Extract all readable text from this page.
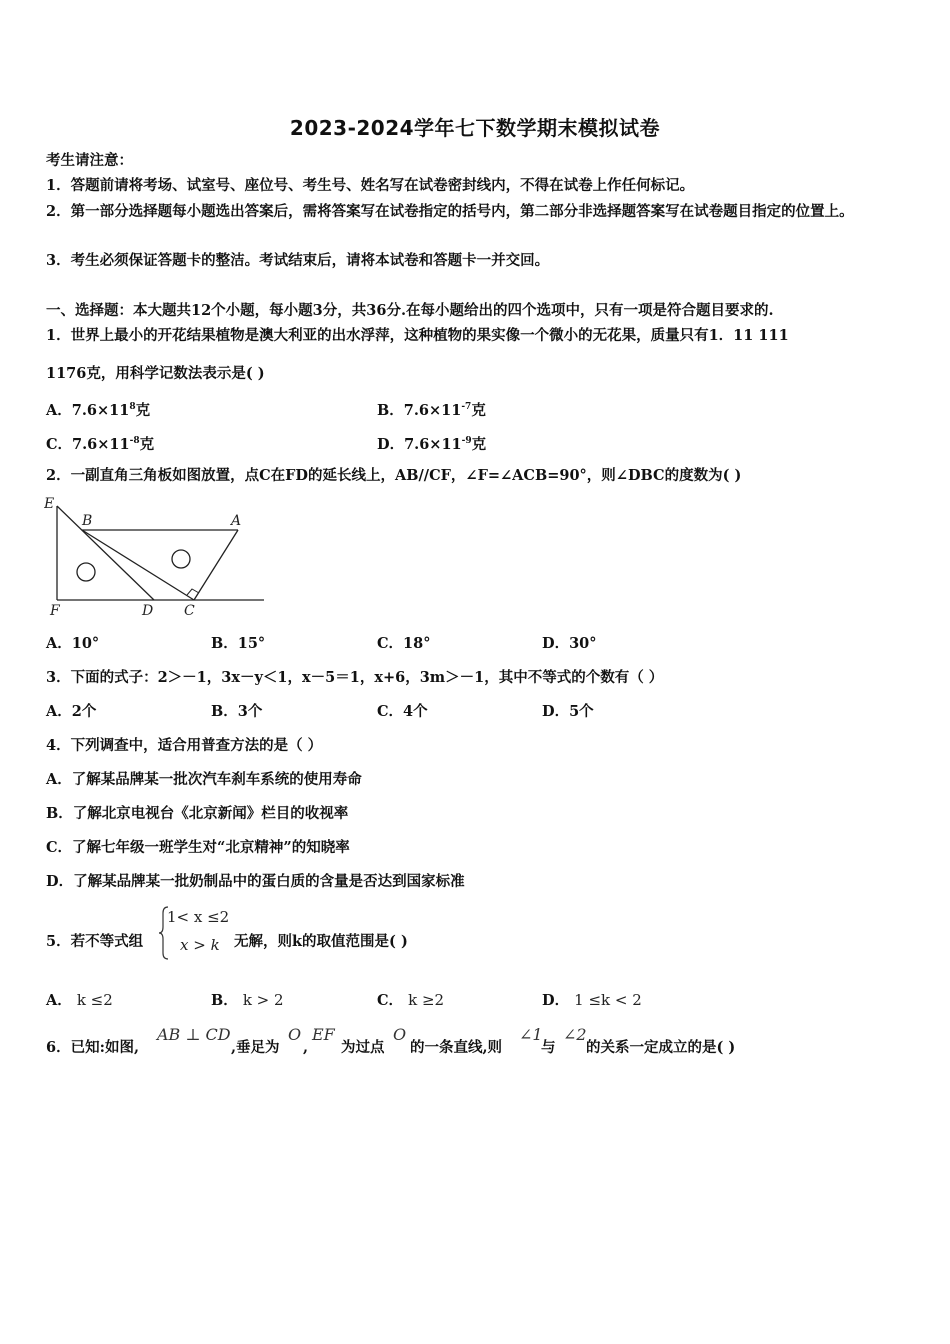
2023-2024学年七下数学期末模拟试卷
考生请注意：
1．答题前请将考场、试室号、座位号、考生号、姓名写在试卷密封线内，不得在试卷上作任何标记。
2．第一部分选择题每小题选出答案后，需将答案写在试卷指定的括号内，第二部分非选择题答案写在试卷题目指定的位置上。
3．考生必须保证答题卡的整洁。考试结束后，请将本试卷和答题卡一并交回。
一、选择题：本大题共12个小题，每小题3分，共36分.在每小题给出的四个选项中，只有一项是符合题目要求的.
1．世界上最小的开花结果植物是澳大利亚的出水浮萍，这种植物的果实像一个微小的无花果，质量只有1．11 111
1176克，用科学记数法表示是( )
A．$7.6\times 11^8$克	B．$7.6\times 11^{-7}$克
C．$7.6\times 11^{-8}$克	D．$7.6\times 11^{-9}$克
2．一副直角三角板如图放置，点C在FD的延长线上，AB//CF，∠F=∠ACB=90°，则∠DBC的度数为( )
E
B	A
F	D C
A．10°	B．15°	C．18°	D．30°
3．下面的式子：2＞－1，3x－y＜1，x－5＝1，x+6，3m＞－1，其中不等式的个数有（ ）
A．2个	B．3个	C．4个	D．5个
4．下列调查中，适合用普查方法的是（ ）
A．了解某品牌某一批次汽车刹车系统的使用寿命
B．了解北京电视台《北京新闻》栏目的收视率
C．了解七年级一班学生对“北京精神”的知晓率
D．了解某品牌某一批奶制品中的蛋白质的含量是否达到国家标准
5．若不等式组
1< x ≤2
x > k 无解，则k的取值范围是( )
A． k ≤2	B． k > 2	C． k ≥2	D． 1 ≤k < 2
6．已知:如图,
AB ⊥ CD
,垂足为
O
,
EF
为过点
O
的一条直线,则
∠1
与
∠2
的关系一定成立的是( )
